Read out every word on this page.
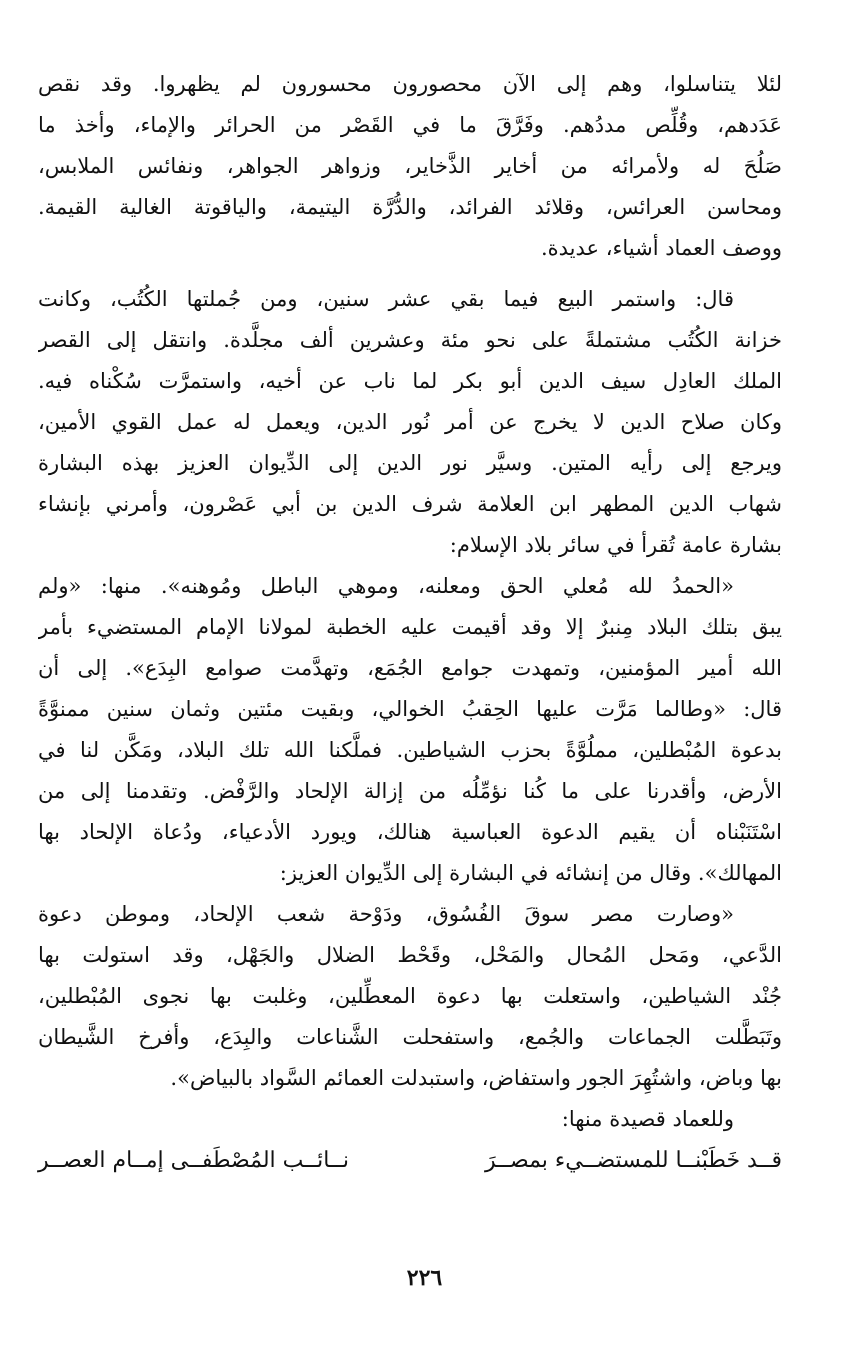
لئلا يتناسلوا، وهم إلى الآن محصورون محسورون لم يظهروا. وقد نقص
عَدَدهم، وقُلِّص مددُهم. وفَرَّقَ ما في القَصْر من الحرائر والإماء، وأخذ ما
صَلُحَ له ولأمرائه من أخاير الذَّخاير، وزواهر الجواهر، ونفائس الملابس،
ومحاسن العرائس، وقلائد الفرائد، والدُّرَّة اليتيمة، والياقوتة الغالية القيمة.
ووصف العماد أشياء، عديدة.
قال: واستمر البيع فيما بقي عشر سنين، ومن جُملتها الكُتُب، وكانت
خزانة الكُتُب مشتملةً على نحو مئة وعشرين ألف مجلَّدة. وانتقل إلى القصر
الملك العادِل سيف الدين أبو بكر لما ناب عن أخيه، واستمرَّت سُكْناه فيه.
وكان صلاح الدين لا يخرج عن أمر نُور الدين، ويعمل له عمل القوي الأمين،
ويرجع إلى رأيه المتين. وسيَّر نور الدين إلى الدِّيوان العزيز بهذه البشارة
شهاب الدين المطهر ابن العلامة شرف الدين بن أبي عَصْرون، وأمرني بإنشاء
بشارة عامة تُقرأ في سائر بلاد الإسلام:
«الحمدُ لله مُعلي الحق ومعلنه، وموهي الباطل ومُوهنه». منها: «ولم
يبق بتلك البلاد مِنبرٌ إلا وقد أقيمت عليه الخطبة لمولانا الإمام المستضيء بأمر
الله أمير المؤمنين، وتمهدت جوامع الجُمَع، وتهدَّمت صوامع البِدَع». إلى أن
قال: «وطالما مَرَّت عليها الحِقبُ الخوالي، وبقيت مئتين وثمان سنين ممنوَّةً
بدعوة المُبْطلين، مملُوَّةً بحزب الشياطين. فملَّكنا الله تلك البلاد، ومَكَّن لنا في
الأرض، وأقدرنا على ما كُنا نؤمِّلُه من إزالة الإلحاد والرَّفْض. وتقدمنا إلى من
اسْتَنَبْناه أن يقيم الدعوة العباسية هنالك، ويورد الأدعياء، ودُعاة الإلحاد بها
المهالك». وقال من إنشائه في البشارة إلى الدِّيوان العزيز:
«وصارت مصر سوقَ الفُسُوق، ودَوْحة شعب الإلحاد، وموطن دعوة
الدَّعي، ومَحل المُحال والمَحْل، وقَحْط الضلال والجَهْل، وقد استولت بها
جُنْد الشياطين، واستعلت بها دعوة المعطِّلين، وغلبت بها نجوى المُبْطلين،
وتَبَطَّلت الجماعات والجُمع، واستفحلت الشَّناعات والبِدَع، وأفرخ الشَّيطان
بها وباض، واشتُهِرَ الجور واستفاض، واستبدلت العمائم السَّواد بالبياض».
وللعماد قصيدة منها:
قــد خَطَبْنــا للمستضــيء بمصــرَ
نــائــب المُصْطَفــى إمــام العصــر
٢٢٦
